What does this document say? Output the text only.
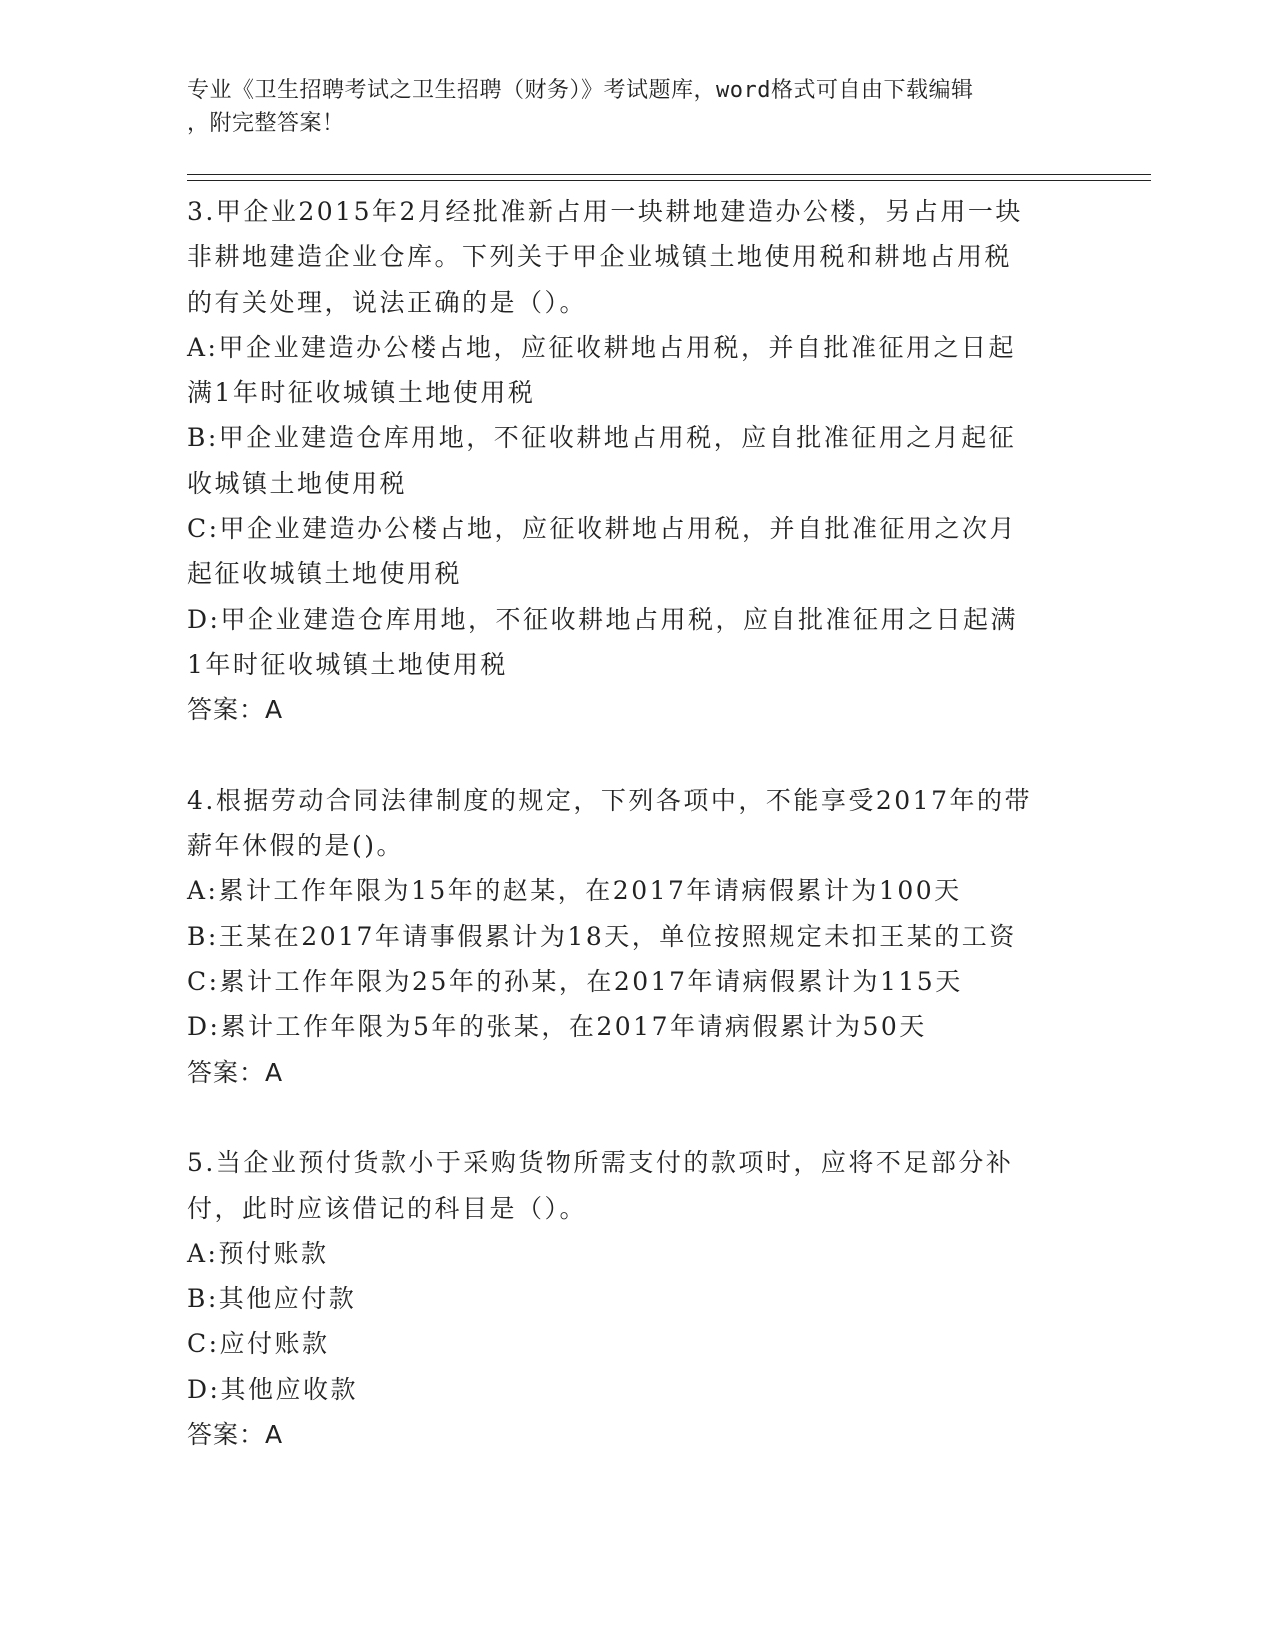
专业《卫生招聘考试之卫生招聘（财务）》考试题库，word格式可自由下载编辑
，附完整答案！
3.甲企业2015年2月经批准新占用一块耕地建造办公楼，另占用一块
非耕地建造企业仓库。下列关于甲企业城镇土地使用税和耕地占用税
的有关处理，说法正确的是（）。
A:甲企业建造办公楼占地，应征收耕地占用税，并自批准征用之日起
满1年时征收城镇土地使用税
B:甲企业建造仓库用地，不征收耕地占用税，应自批准征用之月起征
收城镇土地使用税
C:甲企业建造办公楼占地，应征收耕地占用税，并自批准征用之次月
起征收城镇土地使用税
D:甲企业建造仓库用地，不征收耕地占用税，应自批准征用之日起满
1年时征收城镇土地使用税
答案：A
4.根据劳动合同法律制度的规定，下列各项中，不能享受2017年的带
薪年休假的是()。
A:累计工作年限为15年的赵某，在2017年请病假累计为100天
B:王某在2017年请事假累计为18天，单位按照规定未扣王某的工资
C:累计工作年限为25年的孙某，在2017年请病假累计为115天
D:累计工作年限为5年的张某，在2017年请病假累计为50天
答案：A
5.当企业预付货款小于采购货物所需支付的款项时，应将不足部分补
付，此时应该借记的科目是（）。
A:预付账款
B:其他应付款
C:应付账款
D:其他应收款
答案：A
